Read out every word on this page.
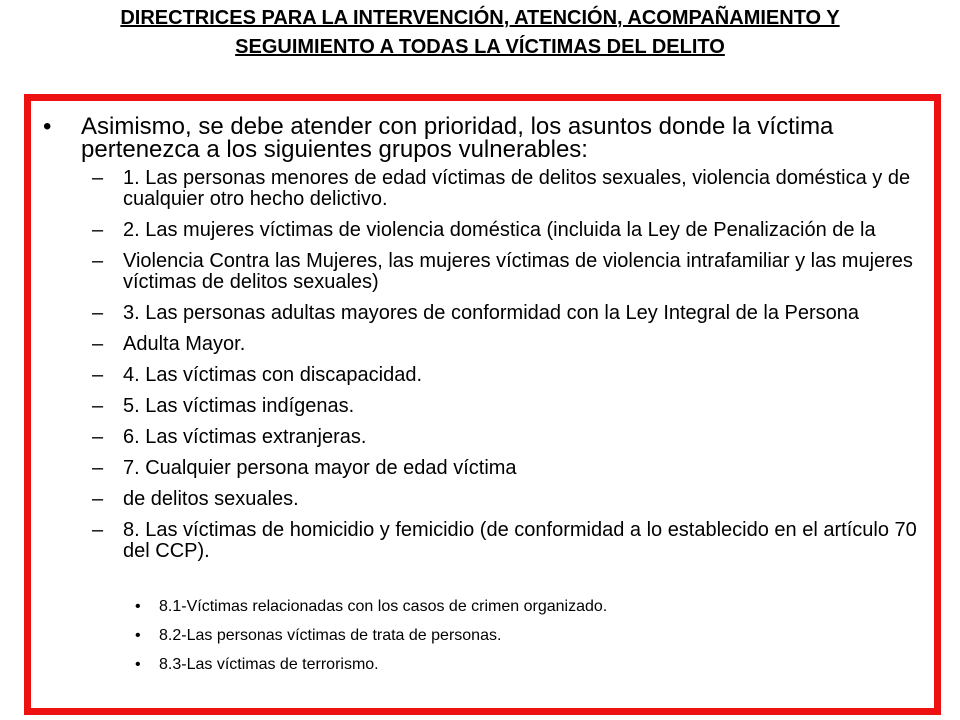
DIRECTRICES PARA LA INTERVENCIÓN, ATENCIÓN, ACOMPAÑAMIENTO Y SEGUIMIENTO A TODAS LA VÍCTIMAS DEL DELITO
•	Asimismo, se debe atender con prioridad, los asuntos donde la víctima pertenezca a los siguientes grupos vulnerables:
– 1. Las personas menores de edad víctimas de delitos sexuales, violencia doméstica y de cualquier otro hecho delictivo.
– 2. Las mujeres víctimas de violencia doméstica (incluida la Ley de Penalización de la
– Violencia Contra las Mujeres, las mujeres víctimas de violencia intrafamiliar y las mujeres víctimas de delitos sexuales)
– 3. Las personas adultas mayores de conformidad con la Ley Integral de la Persona
– Adulta Mayor.
– 4. Las víctimas con discapacidad.
– 5. Las víctimas indígenas.
– 6. Las víctimas extranjeras.
– 7. Cualquier persona mayor de edad víctima
– de delitos sexuales.
– 8. Las víctimas de homicidio y femicidio (de conformidad a lo establecido en el artículo 70 del CCP).
•	8.1-Víctimas relacionadas con los casos de crimen organizado.
•	8.2-Las personas víctimas de trata de personas.
•	8.3-Las víctimas de terrorismo.
